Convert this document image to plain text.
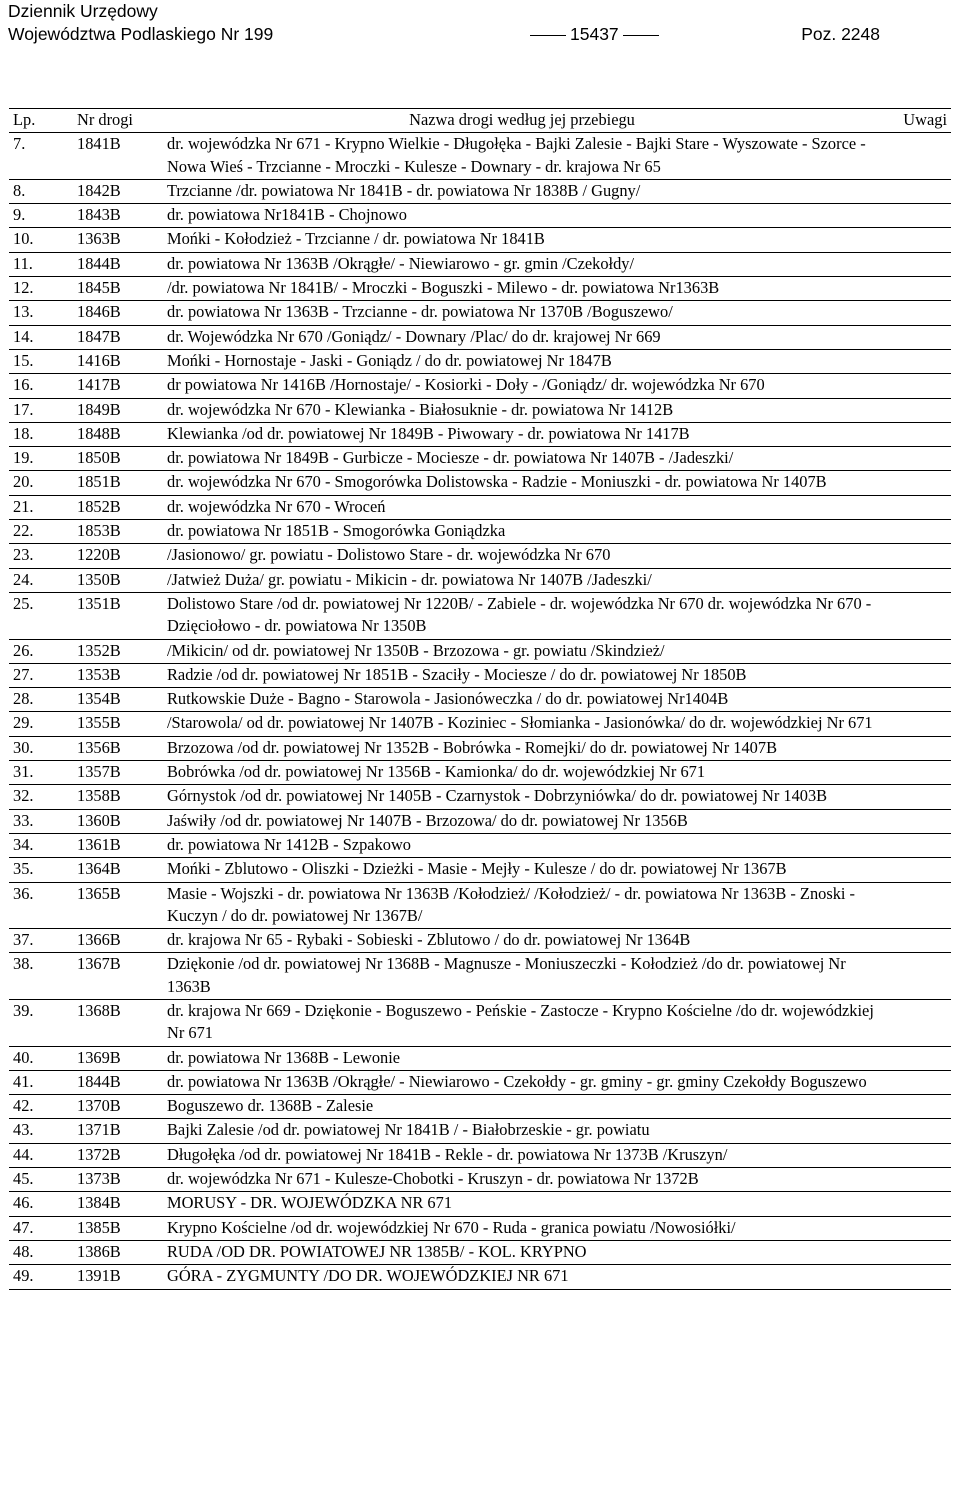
Dziennik Urzędowy
Województwa Podlaskiego Nr 199	15437	Poz. 2248
Lp.	Nr drogi	Nazwa drogi według jej przebiegu	Uwagi
7.	1841B	dr. wojewódzka Nr 671 - Krypno Wielkie - Długołęka - Bajki Zalesie - Bajki Stare - Wyszowate - Szorce - Nowa Wieś - Trzcianne - Mroczki - Kulesze - Downary - dr. krajowa Nr 65	
8.	1842B	Trzcianne /dr. powiatowa Nr 1841B - dr. powiatowa Nr 1838B / Gugny/	
9.	1843B	dr. powiatowa Nr1841B - Chojnowo	
10.	1363B	Mońki - Kołodzież - Trzcianne / dr. powiatowa Nr 1841B	
11.	1844B	dr. powiatowa Nr 1363B /Okrągłe/ - Niewiarowo - gr. gmin /Czekołdy/	
12.	1845B	/dr. powiatowa Nr 1841B/ - Mroczki - Boguszki - Milewo - dr. powiatowa Nr1363B	
13.	1846B	dr. powiatowa Nr 1363B - Trzcianne - dr. powiatowa Nr 1370B /Boguszewo/	
14.	1847B	dr. Wojewódzka Nr 670 /Goniądz/ - Downary /Plac/ do dr. krajowej Nr 669	
15.	1416B	Mońki - Hornostaje - Jaski - Goniądz / do dr. powiatowej Nr 1847B	
16.	1417B	dr powiatowa Nr 1416B /Hornostaje/ - Kosiorki - Doły - /Goniądz/ dr. wojewódzka Nr 670	
17.	1849B	dr. wojewódzka Nr 670 - Klewianka - Białosuknie - dr. powiatowa Nr 1412B	
18.	1848B	Klewianka /od dr. powiatowej Nr 1849B - Piwowary - dr. powiatowa Nr 1417B	
19.	1850B	dr. powiatowa Nr 1849B - Gurbicze - Mociesze - dr. powiatowa Nr 1407B - /Jadeszki/	
20.	1851B	dr. wojewódzka Nr 670 - Smogorówka Dolistowska - Radzie - Moniuszki - dr. powiatowa Nr 1407B	
21.	1852B	dr. wojewódzka Nr 670 - Wroceń	
22.	1853B	dr. powiatowa Nr 1851B - Smogorówka Goniądzka	
23.	1220B	/Jasionowo/ gr. powiatu - Dolistowo Stare - dr. wojewódzka Nr 670	
24.	1350B	/Jatwież Duża/ gr. powiatu - Mikicin - dr. powiatowa Nr 1407B /Jadeszki/	
25.	1351B	Dolistowo Stare /od dr. powiatowej Nr 1220B/ - Zabiele - dr. wojewódzka Nr 670 dr. wojewódzka Nr 670 - Dzięciołowo - dr. powiatowa Nr 1350B	
26.	1352B	/Mikicin/ od dr. powiatowej Nr 1350B - Brzozowa - gr. powiatu /Skindzież/	
27.	1353B	Radzie /od dr. powiatowej Nr 1851B - Szaciły - Mociesze / do dr. powiatowej Nr 1850B	
28.	1354B	Rutkowskie Duże - Bagno - Starowola - Jasionóweczka / do dr. powiatowej Nr1404B	
29.	1355B	/Starowola/ od dr. powiatowej Nr 1407B - Koziniec - Słomianka - Jasionówka/ do dr. wojewódzkiej Nr 671	
30.	1356B	Brzozowa /od dr. powiatowej Nr 1352B - Bobrówka - Romejki/ do dr. powiatowej Nr 1407B	
31.	1357B	Bobrówka /od dr. powiatowej Nr 1356B - Kamionka/ do dr. wojewódzkiej Nr 671	
32.	1358B	Górnystok /od dr. powiatowej Nr 1405B - Czarnystok - Dobrzyniówka/ do dr. powiatowej Nr 1403B	
33.	1360B	Jaświły /od dr. powiatowej Nr 1407B - Brzozowa/ do dr. powiatowej Nr 1356B	
34.	1361B	dr. powiatowa Nr 1412B - Szpakowo	
35.	1364B	Mońki - Zblutowo - Oliszki - Dzieżki - Masie - Mejły - Kulesze / do dr. powiatowej Nr 1367B	
36.	1365B	Masie - Wojszki - dr. powiatowa Nr 1363B /Kołodzież/ /Kołodzież/ - dr. powiatowa Nr 1363B - Znoski - Kuczyn / do dr. powiatowej Nr 1367B/	
37.	1366B	dr. krajowa Nr 65 - Rybaki - Sobieski - Zblutowo / do dr. powiatowej Nr 1364B	
38.	1367B	Dziękonie /od dr. powiatowej Nr 1368B - Magnusze - Moniuszeczki - Kołodzież /do dr. powiatowej Nr 1363B	
39.	1368B	dr. krajowa Nr 669 - Dziękonie - Boguszewo - Peńskie - Zastocze - Krypno Kościelne /do dr. wojewódzkiej Nr 671	
40.	1369B	dr. powiatowa Nr 1368B - Lewonie	
41.	1844B	dr. powiatowa Nr 1363B /Okrągłe/ - Niewiarowo - Czekołdy - gr. gminy - gr. gminy Czekołdy Boguszewo	
42.	1370B	Boguszewo dr. 1368B - Zalesie	
43.	1371B	Bajki Zalesie /od dr. powiatowej Nr 1841B / - Białobrzeskie - gr. powiatu	
44.	1372B	Długołęka /od dr. powiatowej Nr 1841B - Rekle - dr. powiatowa Nr 1373B /Kruszyn/	
45.	1373B	dr. wojewódzka Nr 671 - Kulesze-Chobotki - Kruszyn - dr. powiatowa Nr 1372B	
46.	1384B	MORUSY - DR. WOJEWÓDZKA NR 671	
47.	1385B	Krypno Kościelne /od dr. wojewódzkiej Nr 670 - Ruda - granica powiatu /Nowosiółki/	
48.	1386B	RUDA /OD DR. POWIATOWEJ NR 1385B/ - KOL. KRYPNO	
49.	1391B	GÓRA - ZYGMUNTY /DO DR. WOJEWÓDZKIEJ NR 671	
